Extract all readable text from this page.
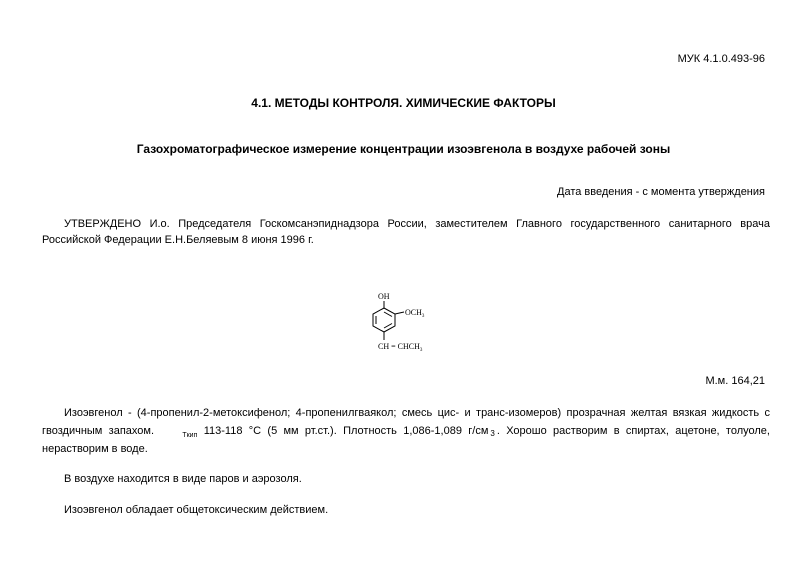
МУК 4.1.0.493-96
4.1. МЕТОДЫ КОНТРОЛЯ. ХИМИЧЕСКИЕ ФАКТОРЫ
Газохроматографическое измерение концентрации изоэвгенола в воздухе рабочей зоны
Дата введения - с момента утверждения
УТВЕРЖДЕНО И.о. Председателя Госкомсанэпиднадзора России, заместителем Главного государственного санитарного врача Российской Федерации Е.Н.Беляевым 8 июня 1996 г.
OH
$OCH_3$
CH = $CHCH_3$
М.м. 164,21
Изоэвгенол - (4-пропенил-2-метоксифенол; 4-пропенилгваякол; смесь цис- и транс-изомеров) прозрачная желтая вязкая жидкость с гвоздичным запахом.	Tкип 113-118 °С (5 мм рт.ст.). Плотность 1,086-1,089 г/см 3 . Хорошо растворим в спиртах, ацетоне, толуоле, нерастворим в воде.
В воздухе находится в виде паров и аэрозоля.
Изоэвгенол обладает общетоксическим действием.
